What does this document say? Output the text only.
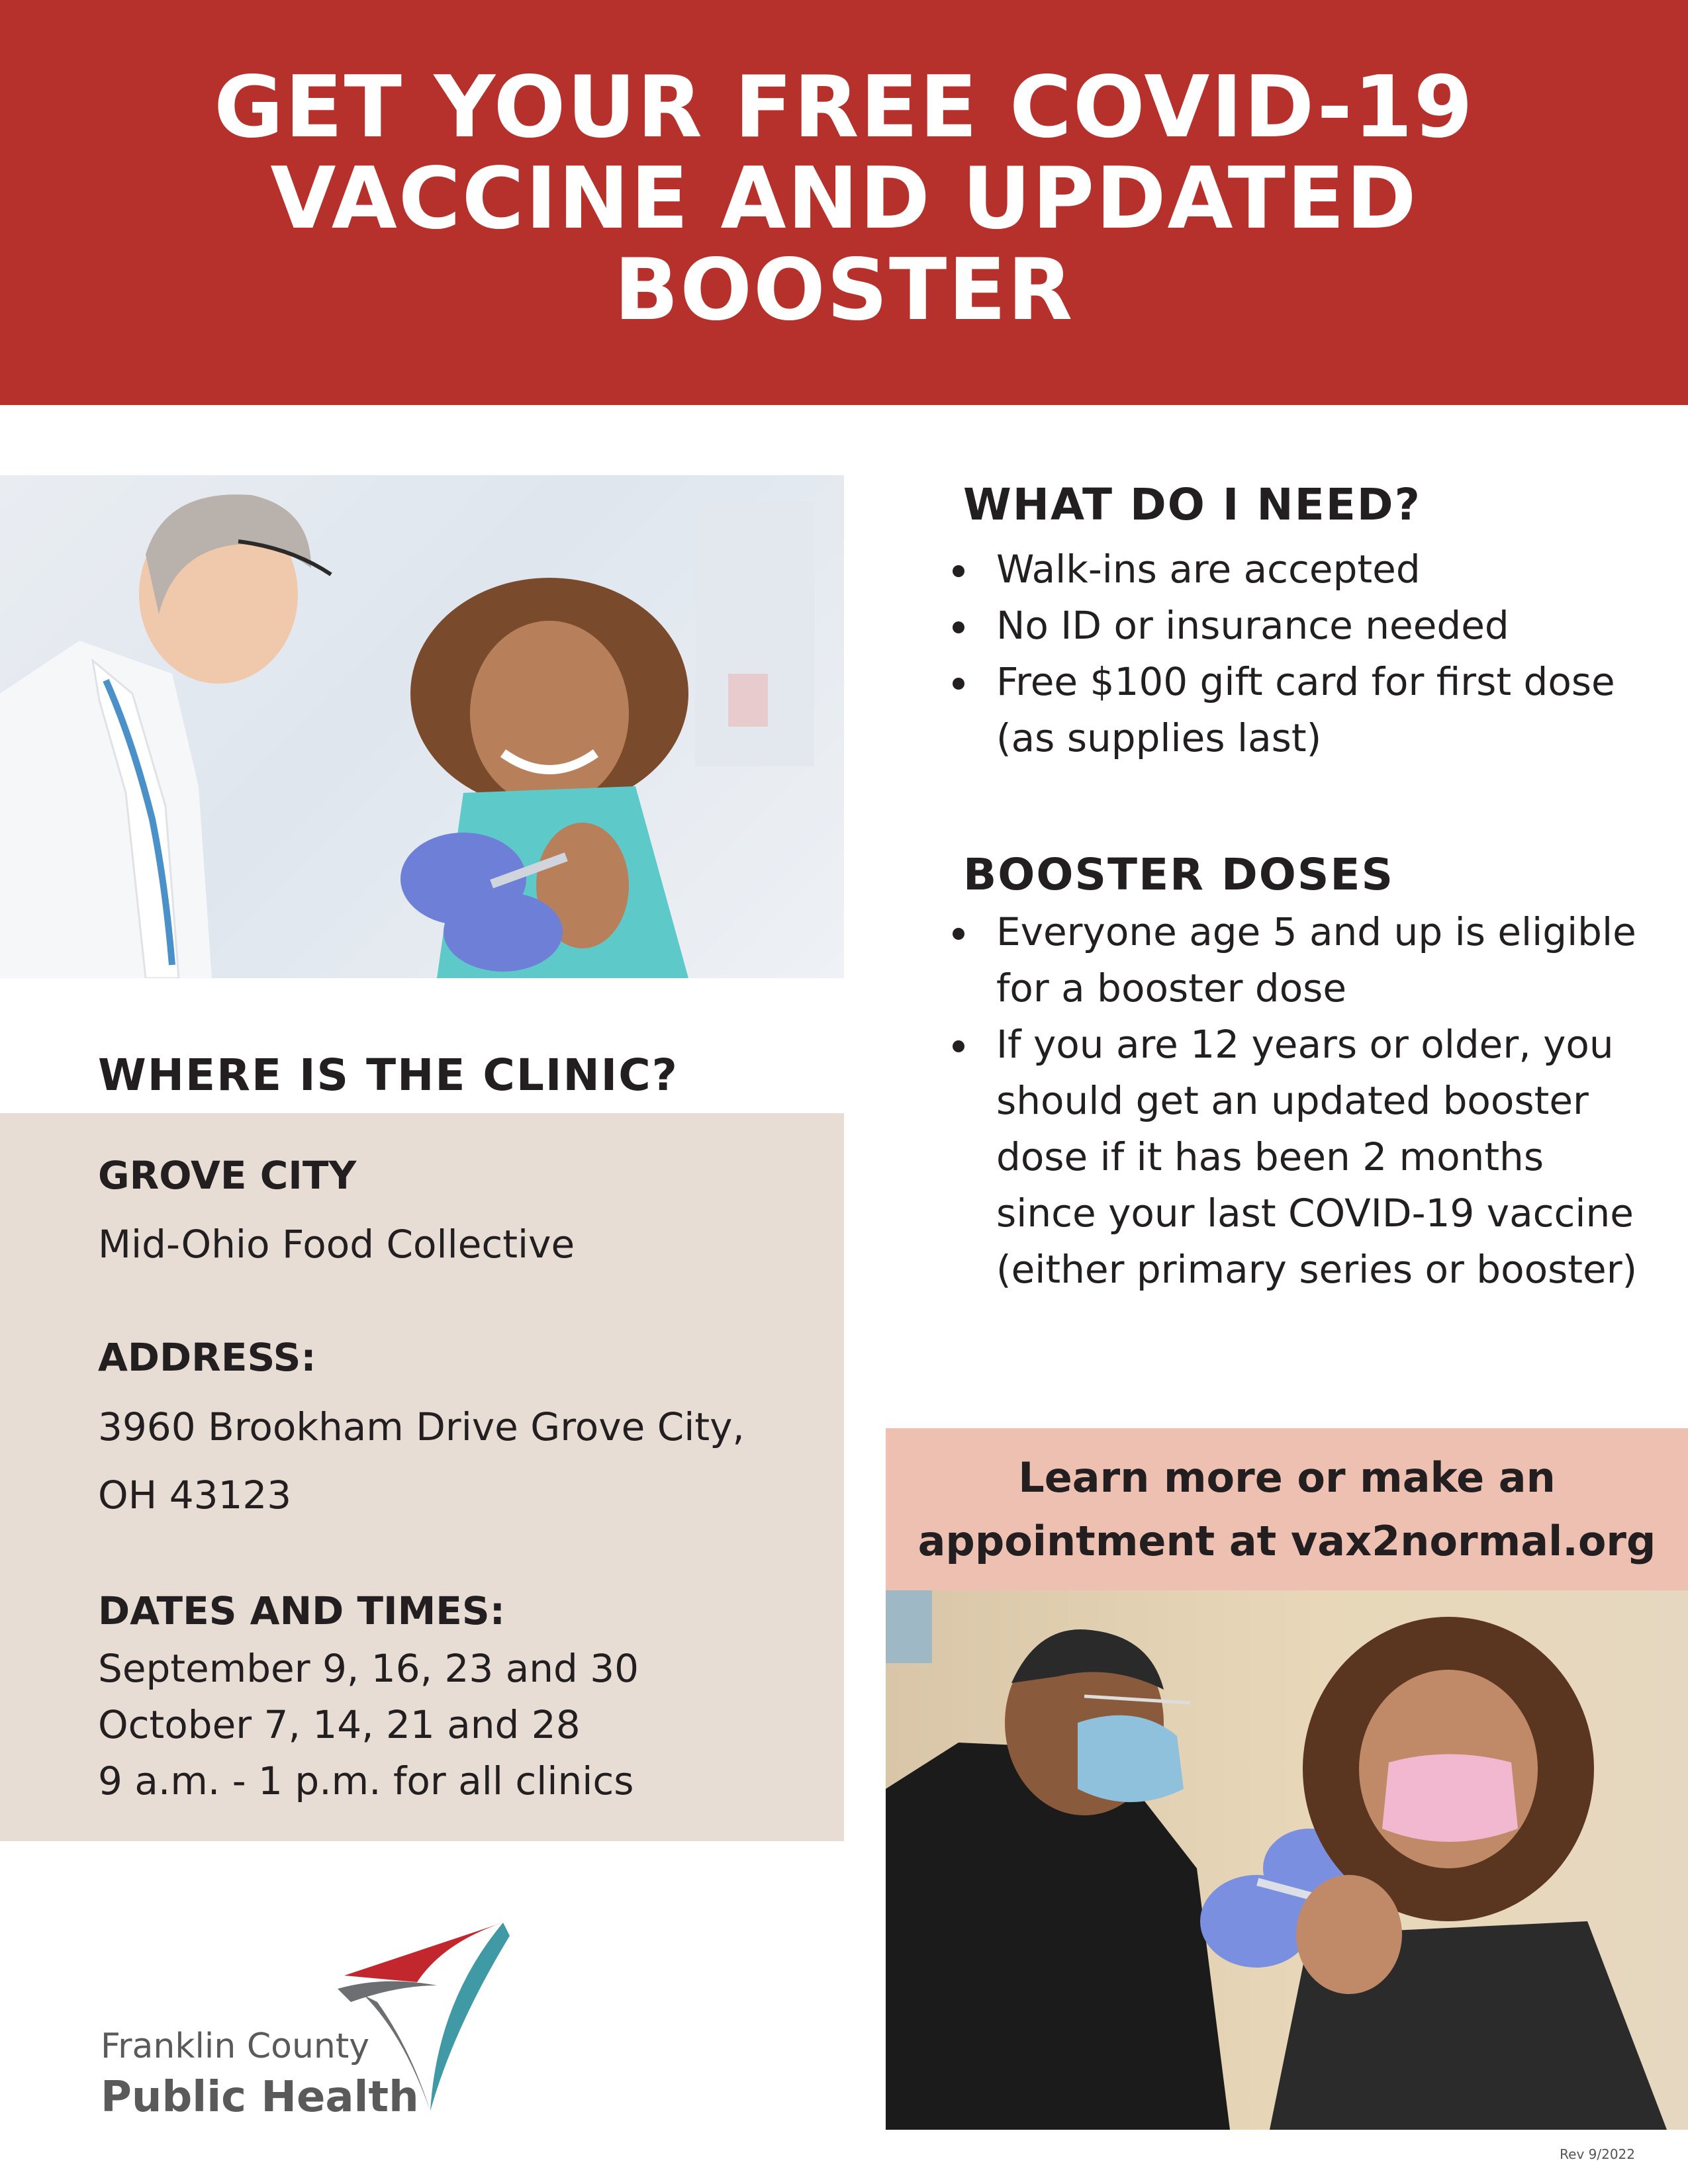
GET YOUR FREE COVID-19 VACCINE AND UPDATED BOOSTER
WHAT DO I NEED?
Walk-ins are accepted
No ID or insurance needed
Free $100 gift card for first dose (as supplies last)
BOOSTER DOSES
Everyone age 5 and up is eligible for a booster dose
If you are 12 years or older, you should get an updated booster dose if it has been 2 months since your last COVID-19 vaccine (either primary series or booster)
WHERE IS THE CLINIC?
GROVE CITY
Mid-Ohio Food Collective
ADDRESS:
3960 Brookham Drive Grove City,
OH 43123
DATES AND TIMES:
September 9, 16, 23 and 30
October 7, 14, 21 and 28
9 a.m. - 1 p.m. for all clinics
Learn more or make an
appointment at vax2normal.org
Franklin County
Public Health
Rev 9/2022
